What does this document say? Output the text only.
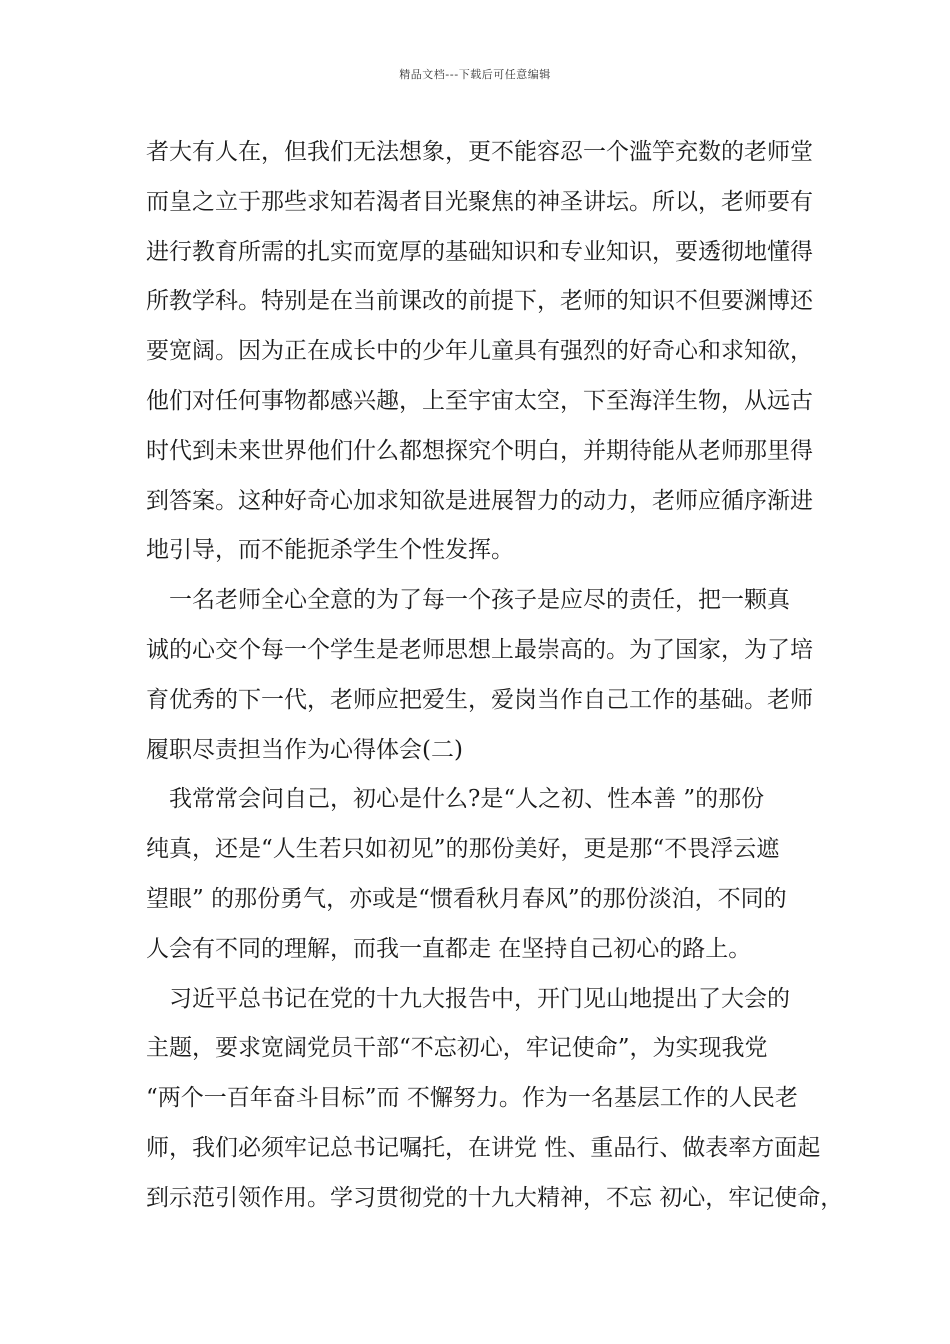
精品文档---下载后可任意编辑
者大有人在，但我们无法想象，更不能容忍一个滥竽充数的老师堂
而皇之立于那些求知若渴者目光聚焦的神圣讲坛。所以，老师要有
进行教育所需的扎实而宽厚的基础知识和专业知识，要透彻地懂得
所教学科。特别是在当前课改的前提下，老师的知识不但要渊博还
要宽阔。因为正在成长中的少年儿童具有强烈的好奇心和求知欲，
他们对任何事物都感兴趣，上至宇宙太空，下至海洋生物，从远古
时代到未来世界他们什么都想探究个明白，并期待能从老师那里得
到答案。这种好奇心加求知欲是进展智力的动力，老师应循序渐进
地引导，而不能扼杀学生个性发挥。
　一名老师全心全意的为了每一个孩子是应尽的责任，把一颗真
诚的心交个每一个学生是老师思想上最崇高的。为了国家，为了培
育优秀的下一代，老师应把爱生，爱岗当作自己工作的基础。老师
履职尽责担当作为心得体会(二)
　我常常会问自己，初心是什么?是“人之初、性本善 ”的那份
纯真，还是“人生若只如初见”的那份美好，更是那“不畏浮云遮
望眼” 的那份勇气，亦或是“惯看秋月春风”的那份淡泊，不同的
人会有不同的理解，而我一直都走 在坚持自己初心的路上。
　习近平总书记在党的十九大报告中，开门见山地提出了大会的
主题，要求宽阔党员干部“不忘初心，牢记使命”，为实现我党
“两个一百年奋斗目标”而 不懈努力。作为一名基层工作的人民老
师，我们必须牢记总书记嘱托，在讲党 性、重品行、做表率方面起
到示范引领作用。学习贯彻党的十九大精神，不忘 初心，牢记使命，
